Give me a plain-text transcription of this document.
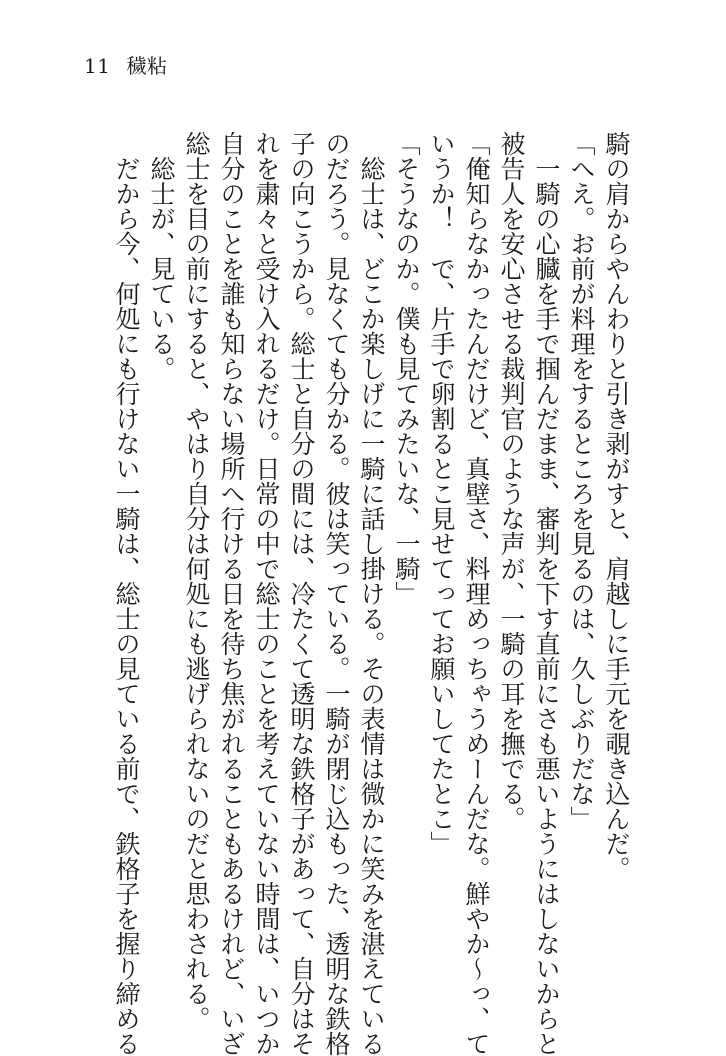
11 穢粘
騎の肩からやんわりと引き剥がすと、肩越しに手元を覗き込んだ。
「へえ。お前が料理をするところを見るのは、久しぶりだな」
　一騎の心臓を手で掴んだまま、審判を下す直前にさも悪いようにはしないからと
被告人を安心させる裁判官のような声が、一騎の耳を撫でる。
「俺知らなかったんだけど、真壁さ、料理めっちゃうめーんだな。鮮やか〜っ、て
いうか！　で、片手で卵割るとこ見せてってお願いしてたとこ」
「そうなのか。僕も見てみたいな、一騎」
　総士は、どこか楽しげに一騎に話し掛ける。その表情は微かに笑みを湛えている
のだろう。見なくても分かる。彼は笑っている。一騎が閉じ込もった、透明な鉄格
子の向こうから。総士と自分の間には、冷たくて透明な鉄格子があって、自分はそ
れを粛々と受け入れるだけ。日常の中で総士のことを考えていない時間は、いつか
自分のことを誰も知らない場所へ行ける日を待ち焦がれることもあるけれど、いざ
総士を目の前にすると、やはり自分は何処にも逃げられないのだと思わされる。
　総士が、見ている。
　だから今、何処にも行けない一騎は、総士の見ている前で、鉄格子を握り締める
